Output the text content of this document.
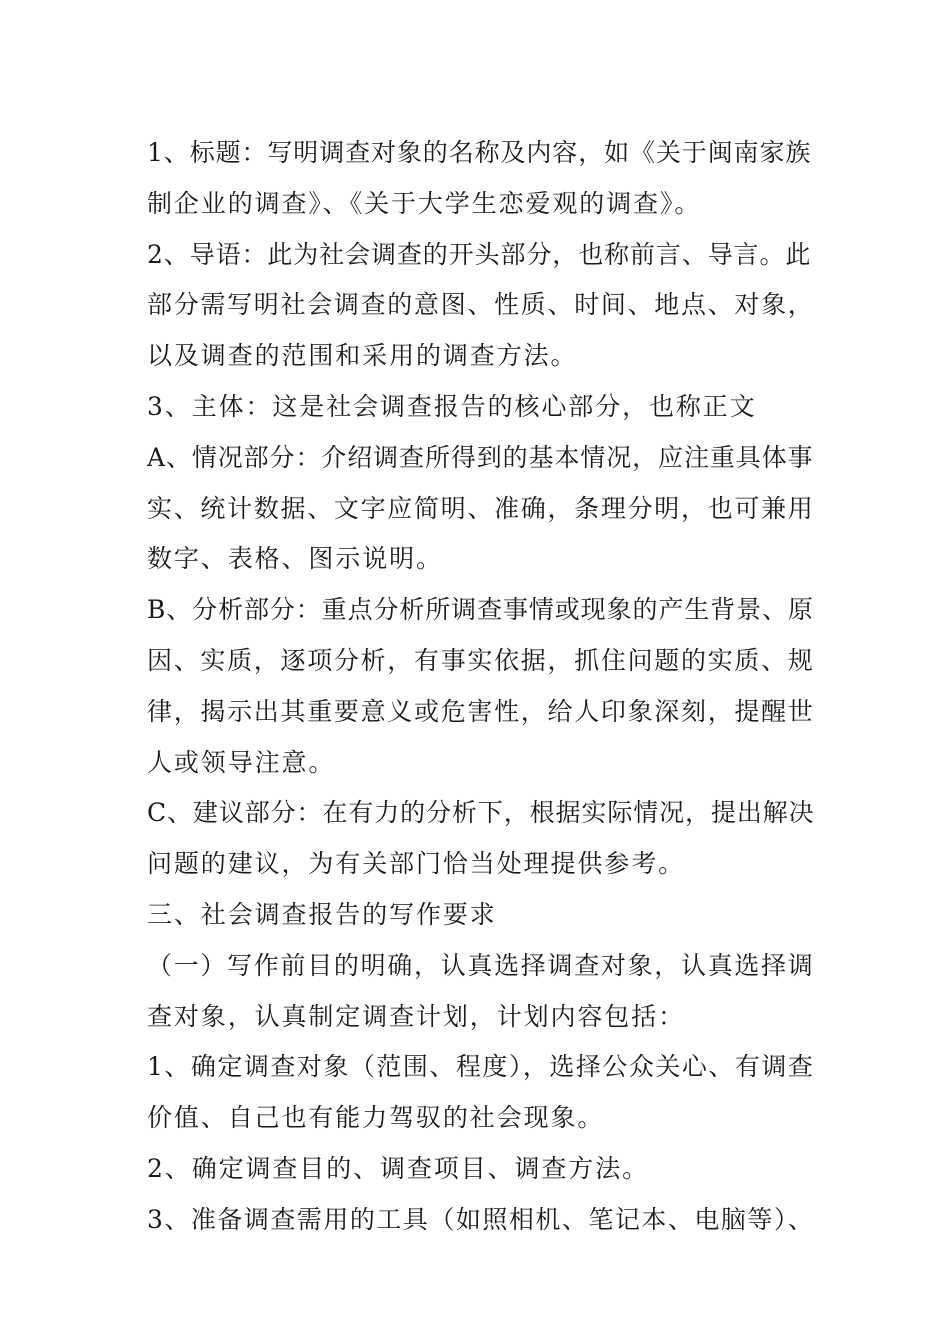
1、标题：写明调查对象的名称及内容，如《关于闽南家族
制企业的调查》、《关于大学生恋爱观的调查》。
2、导语：此为社会调查的开头部分，也称前言、导言。此
部分需写明社会调查的意图、性质、时间、地点、对象，
以及调查的范围和采用的调查方法。
3、主体：这是社会调查报告的核心部分，也称正文
A、情况部分：介绍调查所得到的基本情况，应注重具体事
实、统计数据、文字应简明、准确，条理分明，也可兼用
数字、表格、图示说明。
B、分析部分：重点分析所调查事情或现象的产生背景、原
因、实质，逐项分析，有事实依据，抓住问题的实质、规
律，揭示出其重要意义或危害性，给人印象深刻，提醒世
人或领导注意。
C、建议部分：在有力的分析下，根据实际情况，提出解决
问题的建议，为有关部门恰当处理提供参考。
三、社会调查报告的写作要求
（一）写作前目的明确，认真选择调查对象，认真选择调
查对象，认真制定调查计划，计划内容包括：
1、确定调查对象（范围、程度），选择公众关心、有调查
价值、自己也有能力驾驭的社会现象。
2、确定调查目的、调查项目、调查方法。
3、准备调查需用的工具（如照相机、笔记本、电脑等）、
